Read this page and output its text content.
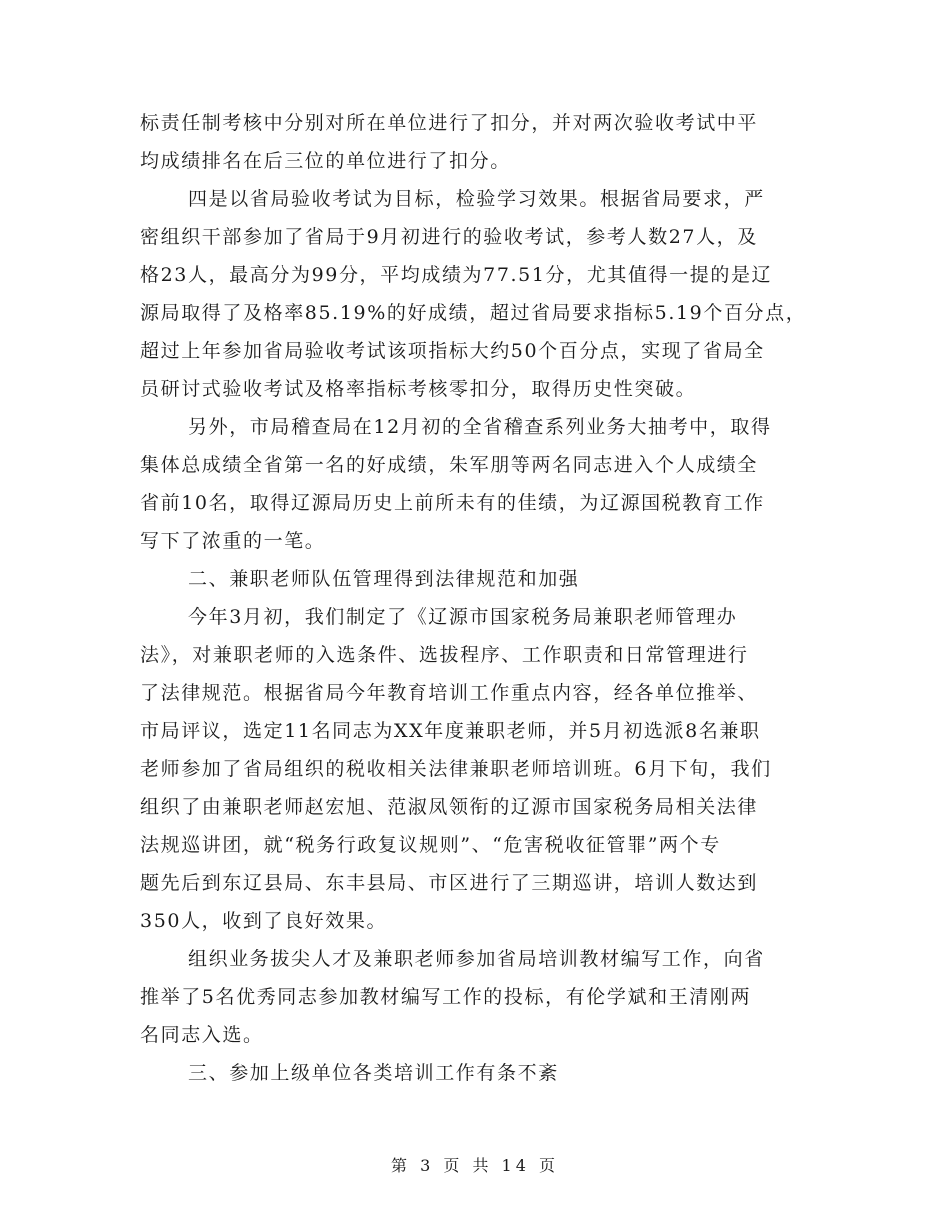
标责任制考核中分别对所在单位进行了扣分，并对两次验收考试中平
均成绩排名在后三位的单位进行了扣分。
四是以省局验收考试为目标，检验学习效果。根据省局要求，严
密组织干部参加了省局于9月初进行的验收考试，参考人数27人，及
格23人，最高分为99分，平均成绩为77.51分，尤其值得一提的是辽
源局取得了及格率85.19%的好成绩，超过省局要求指标5.19个百分点，
超过上年参加省局验收考试该项指标大约50个百分点，实现了省局全
员研讨式验收考试及格率指标考核零扣分，取得历史性突破。
另外，市局稽查局在12月初的全省稽查系列业务大抽考中，取得
集体总成绩全省第一名的好成绩，朱军朋等两名同志进入个人成绩全
省前10名，取得辽源局历史上前所未有的佳绩，为辽源国税教育工作
写下了浓重的一笔。
二、兼职老师队伍管理得到法律规范和加强
今年3月初，我们制定了《辽源市国家税务局兼职老师管理办
法》，对兼职老师的入选条件、选拔程序、工作职责和日常管理进行
了法律规范。根据省局今年教育培训工作重点内容，经各单位推举、
市局评议，选定11名同志为XX年度兼职老师，并5月初选派8名兼职
老师参加了省局组织的税收相关法律兼职老师培训班。6月下旬，我们
组织了由兼职老师赵宏旭、范淑凤领衔的辽源市国家税务局相关法律
法规巡讲团，就“税务行政复议规则”、“危害税收征管罪”两个专
题先后到东辽县局、东丰县局、市区进行了三期巡讲，培训人数达到
350人，收到了良好效果。
组织业务拔尖人才及兼职老师参加省局培训教材编写工作，向省
推举了5名优秀同志参加教材编写工作的投标，有伦学斌和王清刚两
名同志入选。
三、参加上级单位各类培训工作有条不紊
第 3 页 共 14 页
